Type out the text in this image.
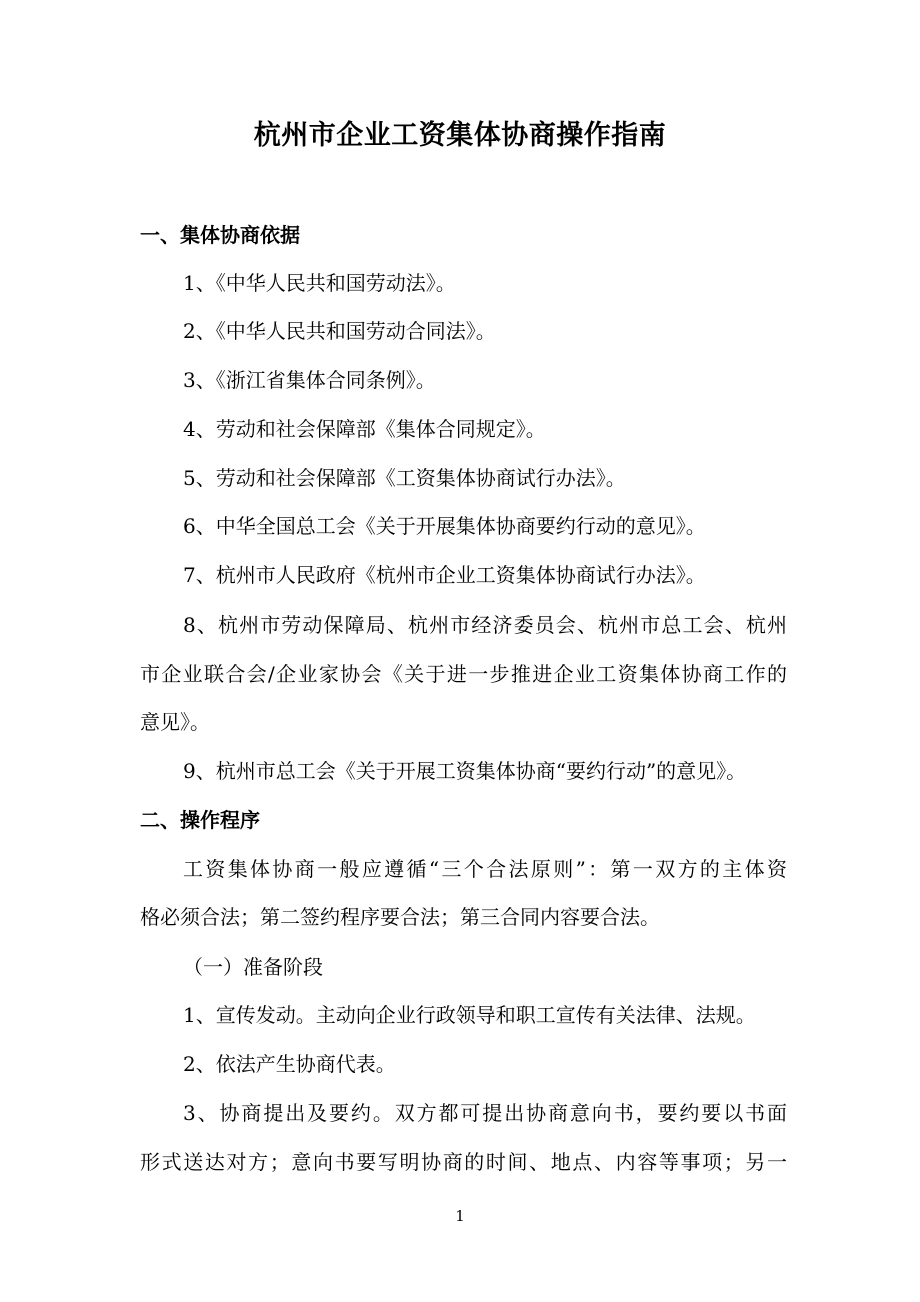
杭州市企业工资集体协商操作指南
一、集体协商依据
1、《中华人民共和国劳动法》。
2、《中华人民共和国劳动合同法》。
3、《浙江省集体合同条例》。
4、劳动和社会保障部《集体合同规定》。
5、劳动和社会保障部《工资集体协商试行办法》。
6、中华全国总工会《关于开展集体协商要约行动的意见》。
7、杭州市人民政府《杭州市企业工资集体协商试行办法》。
8、杭州市劳动保障局、杭州市经济委员会、杭州市总工会、杭州
市企业联合会/企业家协会《关于进一步推进企业工资集体协商工作的
意见》。
9、杭州市总工会《关于开展工资集体协商“要约行动”的意见》。
二、操作程序
工资集体协商一般应遵循“三个合法原则”：第一双方的主体资
格必须合法；第二签约程序要合法；第三合同内容要合法。
（一）准备阶段
1、宣传发动。主动向企业行政领导和职工宣传有关法律、法规。
2、依法产生协商代表。
3、协商提出及要约。双方都可提出协商意向书，要约要以书面
形式送达对方；意向书要写明协商的时间、地点、内容等事项；另一
1
